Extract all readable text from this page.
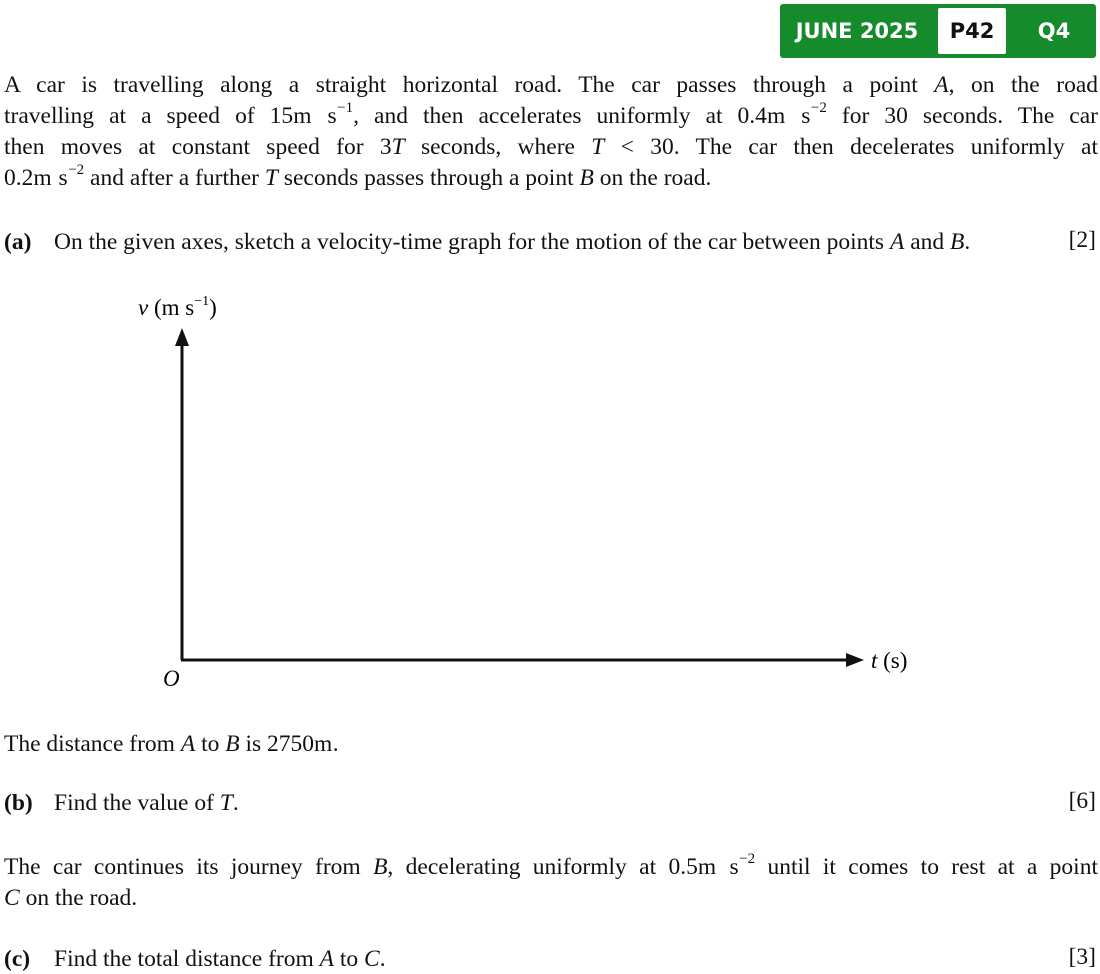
JUNE 2025	P42	Q4
A car is travelling along a straight horizontal road. The car passes through a point A, on the road
travelling at a speed of 15m $s^{-1}$, and then accelerates uniformly at 0.4m $s^{-2}$ for 30 seconds. The car
then moves at constant speed for 3T seconds, where T < 30. The car then decelerates uniformly at
0.2m $s^{-2}$ and after a further T seconds passes through a point B on the road.
(a) On the given axes, sketch a velocity-time graph for the motion of the car between points A and B.	[2]
v (m $s^{-1}$)
t (s)
O
The distance from A to B is 2750m.
(b) Find the value of T.	[6]
The car continues its journey from B, decelerating uniformly at 0.5m $s^{-2}$ until it comes to rest at a point
C on the road.
(c) Find the total distance from A to C.	[3]
